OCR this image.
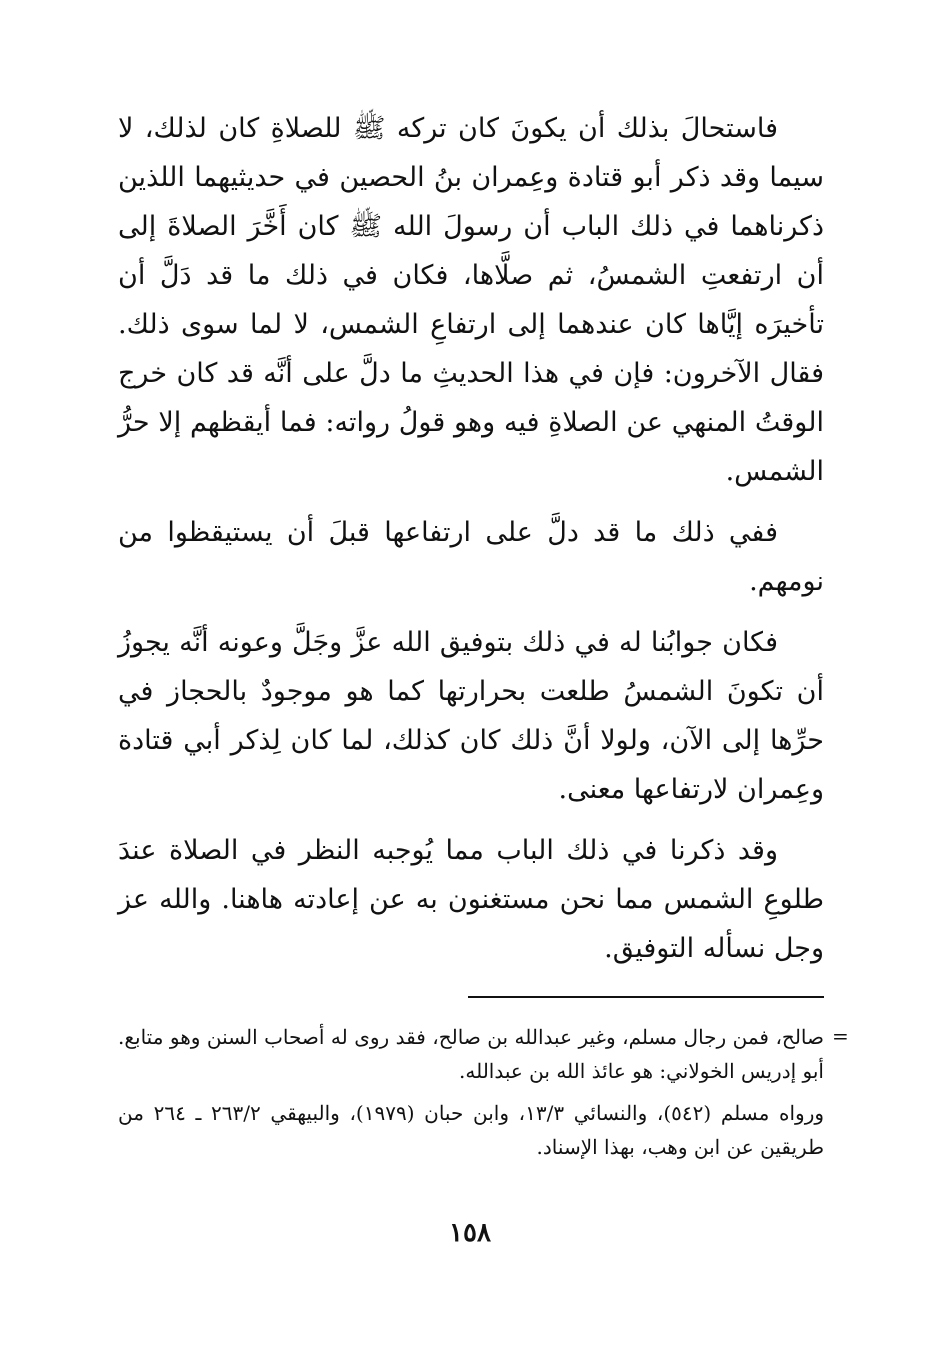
فاستحالَ بذلك أن يكونَ كان تركه ﷺ للصلاةِ كان لذلك، لا سيما وقد ذكر أبو قتادة وعِمران بنُ الحصين في حديثيهما اللذين ذكرناهما في ذلك الباب أن رسولَ الله ﷺ كان أَخَّرَ الصلاةَ إلى أن ارتفعتِ الشمسُ، ثم صلَّاها، فكان في ذلك ما قد دَلَّ أن تأخيرَه إيَّاها كان عندهما إلى ارتفاعِ الشمس، لا لما سوى ذلك. فقال الآخرون: فإن في هذا الحديثِ ما دلَّ على أنَّه قد كان خرج الوقتُ المنهي عن الصلاةِ فيه وهو قولُ رواته: فما أيقظهم إلا حرُّ الشمس.

ففي ذلك ما قد دلَّ على ارتفاعها قبلَ أن يستيقظوا من نومهم.

فكان جوابُنا له في ذلك بتوفيق الله عزَّ وجَلَّ وعونه أنَّه يجوزُ أن تكونَ الشمسُ طلعت بحرارتها كما هو موجودٌ بالحجاز في حرِّها إلى الآن، ولولا أنَّ ذلك كان كذلك، لما كان لِذكر أبي قتادة وعِمران لارتفاعها معنى.

وقد ذكرنا في ذلك الباب مما يُوجبه النظر في الصلاة عندَ طلوعِ الشمس مما نحن مستغنون به عن إعادته هاهنا. والله عز وجل نسأله التوفيق.

=

صالح، فمن رجال مسلم، وغير عبدالله بن صالح، فقد روى له أصحاب السنن وهو متابع. أبو إدريس الخولاني: هو عائذ الله بن عبدالله.

ورواه مسلم (٥٤٢)، والنسائي ١٣/٣، وابن حبان (١٩٧٩)، والبيهقي ٢٦٣/٢ ـ ٢٦٤ من طريقين عن ابن وهب، بهذا الإسناد.

١٥٨
